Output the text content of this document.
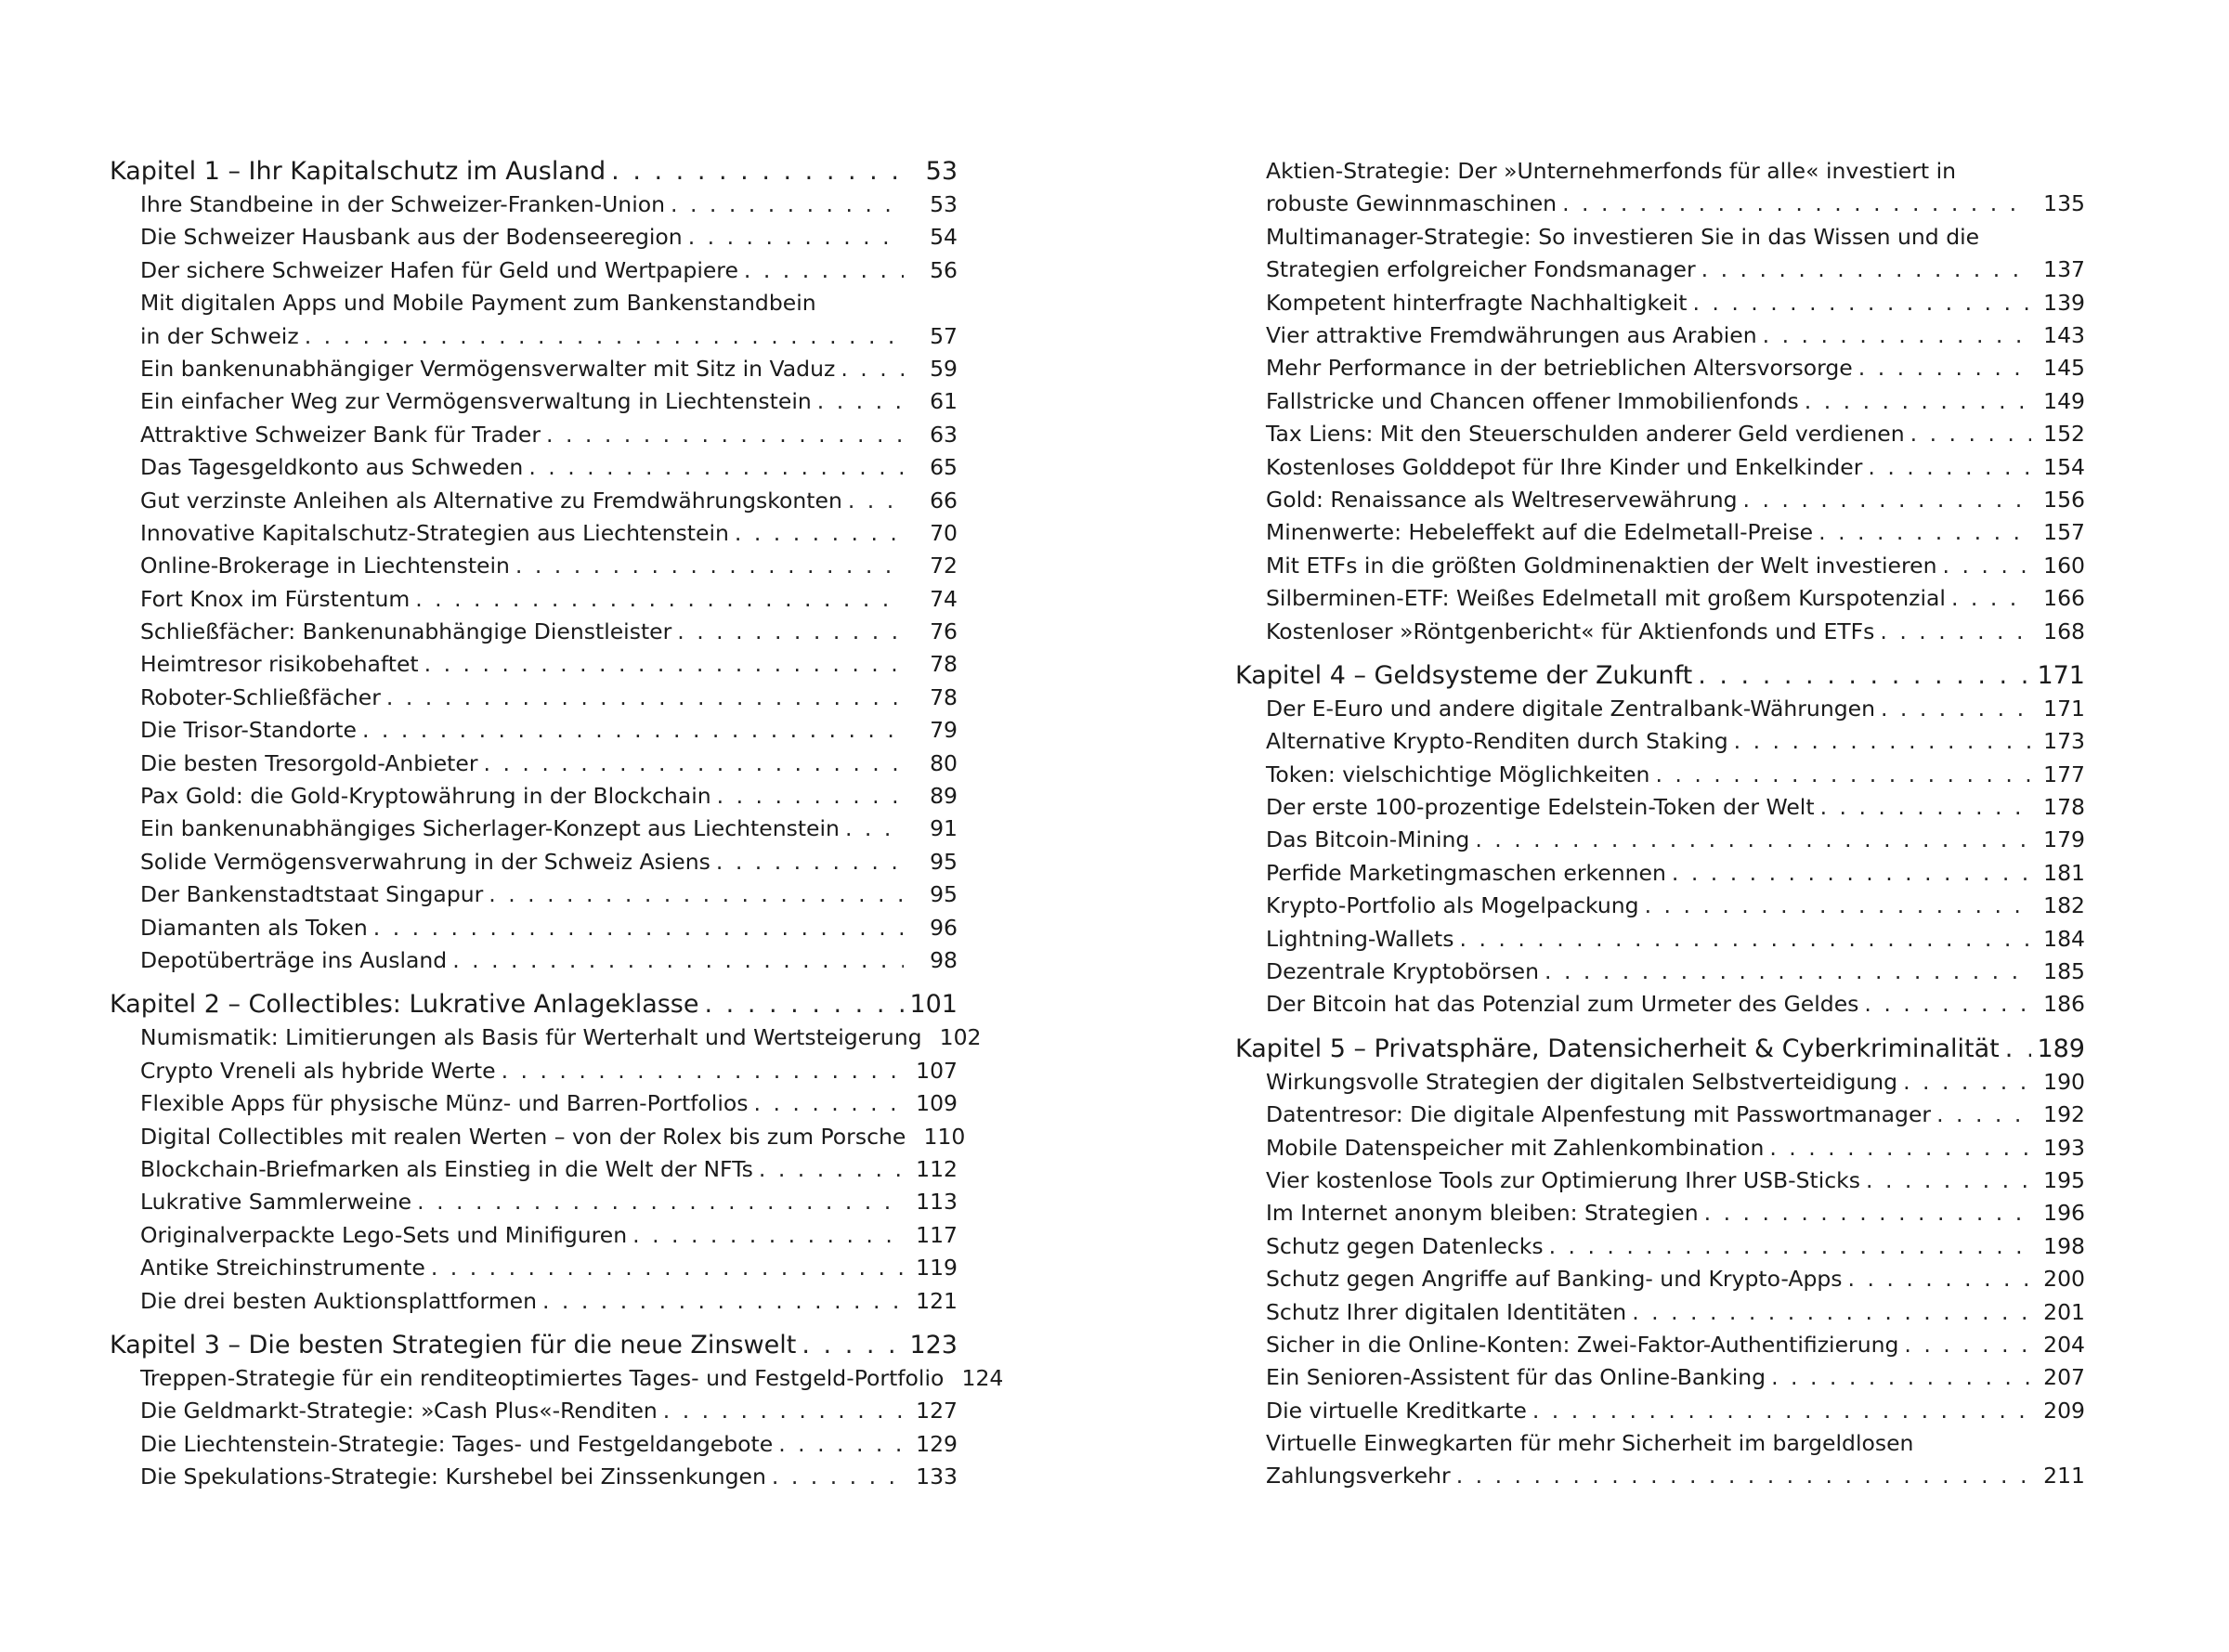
Kapitel 1 – Ihr Kapitalschutz im Ausland . . .	53
Ihre Standbeine in der Schweizer-Franken-Union . . .	53
Die Schweizer Hausbank aus der Bodenseeregion . . .	54
Der sichere Schweizer Hafen für Geld und Wertpapiere . . .	56
Mit digitalen Apps und Mobile Payment zum Bankenstandbein
in der Schweiz . . .	57
Ein bankenunabhängiger Vermögensverwalter mit Sitz in Vaduz . . .	59
Ein einfacher Weg zur Vermögensverwaltung in Liechtenstein . . .	61
Attraktive Schweizer Bank für Trader . . .	63
Das Tagesgeldkonto aus Schweden . . .	65
Gut verzinste Anleihen als Alternative zu Fremdwährungskonten . . .	66
Innovative Kapitalschutz-Strategien aus Liechtenstein . . .	70
Online-Brokerage in Liechtenstein . . .	72
Fort Knox im Fürstentum . . .	74
Schließfächer: Bankenunabhängige Dienstleister . . .	76
Heimtresor risikobehaftet . . .	78
Roboter-Schließfächer . . .	78
Die Trisor-Standorte . . .	79
Die besten Tresorgold-Anbieter . . .	80
Pax Gold: die Gold-Kryptowährung in der Blockchain . . .	89
Ein bankenunabhängiges Sicherlager-Konzept aus Liechtenstein . . .	91
Solide Vermögensverwahrung in der Schweiz Asiens . . .	95
Der Bankenstadtstaat Singapur . . .	95
Diamanten als Token . . .	96
Depotüberträge ins Ausland . . .	98
Kapitel 2 – Collectibles: Lukrative Anlageklasse . . .	101
Numismatik: Limitierungen als Basis für Werterhalt und Wertsteigerung 102
Crypto Vreneli als hybride Werte . . .	107
Flexible Apps für physische Münz- und Barren-Portfolios . . .	109
Digital Collectibles mit realen Werten – von der Rolex bis zum Porsche 110
Blockchain-Briefmarken als Einstieg in die Welt der NFTs . . .	112
Lukrative Sammlerweine . . .	113
Originalverpackte Lego-Sets und Minifiguren . . .	117
Antike Streichinstrumente . . .	119
Die drei besten Auktionsplattformen . . .	121
Kapitel 3 – Die besten Strategien für die neue Zinswelt . . .	123
Treppen-Strategie für ein renditeoptimiertes Tages- und Festgeld-Portfolio 124
Die Geldmarkt-Strategie: »Cash Plus«-Renditen . . .	127
Die Liechtenstein-Strategie: Tages- und Festgeldangebote . . .	129
Die Spekulations-Strategie: Kurshebel bei Zinssenkungen . . .	133
Aktien-Strategie: Der »Unternehmerfonds für alle« investiert in
robuste Gewinnmaschinen . . .	135
Multimanager-Strategie: So investieren Sie in das Wissen und die
Strategien erfolgreicher Fondsmanager . . .	137
Kompetent hinterfragte Nachhaltigkeit . . .	139
Vier attraktive Fremdwährungen aus Arabien . . .	143
Mehr Performance in der betrieblichen Altersvorsorge . . .	145
Fallstricke und Chancen offener Immobilienfonds . . .	149
Tax Liens: Mit den Steuerschulden anderer Geld verdienen . . .	152
Kostenloses Golddepot für Ihre Kinder und Enkelkinder . . .	154
Gold: Renaissance als Weltreservewährung . . .	156
Minenwerte: Hebeleffekt auf die Edelmetall-Preise . . .	157
Mit ETFs in die größten Goldminenaktien der Welt investieren . . .	160
Silberminen-ETF: Weißes Edelmetall mit großem Kurspotenzial . . .	166
Kostenloser »Röntgenbericht« für Aktienfonds und ETFs . . .	168
Kapitel 4 – Geldsysteme der Zukunft . . .	171
Der E-Euro und andere digitale Zentralbank-Währungen . . .	171
Alternative Krypto-Renditen durch Staking . . .	173
Token: vielschichtige Möglichkeiten . . .	177
Der erste 100-prozentige Edelstein-Token der Welt . . .	178
Das Bitcoin-Mining . . .	179
Perfide Marketingmaschen erkennen . . .	181
Krypto-Portfolio als Mogelpackung . . .	182
Lightning-Wallets . . .	184
Dezentrale Kryptobörsen . . .	185
Der Bitcoin hat das Potenzial zum Urmeter des Geldes . . .	186
Kapitel 5 – Privatsphäre, Datensicherheit & Cyberkriminalität . . . 189
Wirkungsvolle Strategien der digitalen Selbstverteidigung . . .	190
Datentresor: Die digitale Alpenfestung mit Passwortmanager . . .	192
Mobile Datenspeicher mit Zahlenkombination . . .	193
Vier kostenlose Tools zur Optimierung Ihrer USB-Sticks . . .	195
Im Internet anonym bleiben: Strategien . . .	196
Schutz gegen Datenlecks . . .	198
Schutz gegen Angriffe auf Banking- und Krypto-Apps . . .	200
Schutz Ihrer digitalen Identitäten . . .	201
Sicher in die Online-Konten: Zwei-Faktor-Authentifizierung . . .	204
Ein Senioren-Assistent für das Online-Banking . . .	207
Die virtuelle Kreditkarte . . .	209
Virtuelle Einwegkarten für mehr Sicherheit im bargeldlosen
Zahlungsverkehr . . .	211
